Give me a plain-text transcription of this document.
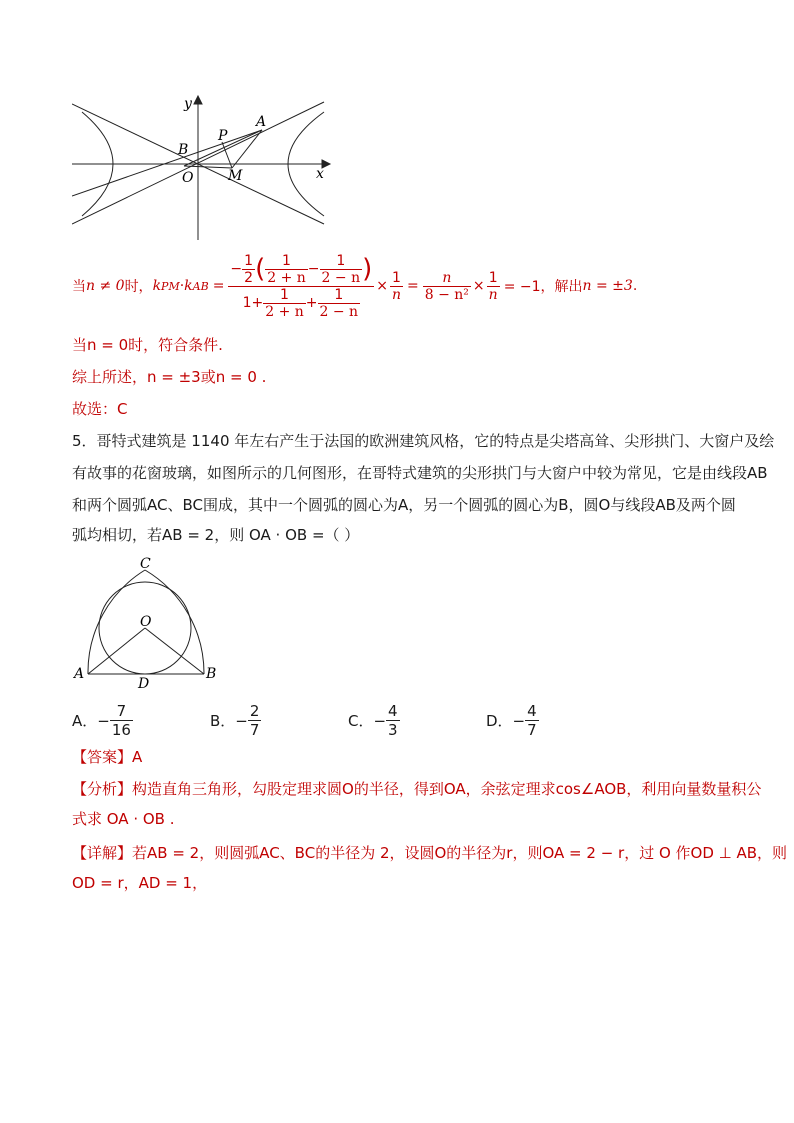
y
x
A
P
B
O M
当 n ≠ 0 时， k PM · k AB = $\frac{- \frac{1}{2} ( \frac{1}{2 + n} - \frac{1}{2 - n} )}{1+ \frac{1}{2 + n} + \frac{1}{2 - n}} \times \frac{1}{n} = \frac{n}{\text{8 − n²}} \times \frac{1}{n} = -1$，解出 n = ±3 .
当n = 0时，符合条件.
综上所述，n = ±3或n = 0 .
故选：C
5．哥特式建筑是 1140 年左右产生于法国的欧洲建筑风格，它的特点是尖塔高耸、尖形拱门、大窗户及绘
有故事的花窗玻璃，如图所示的几何图形，在哥特式建筑的尖形拱门与大窗户中较为常见，它是由线段AB
和两个圆弧AC、BC围成，其中一个圆弧的圆心为A，另一个圆弧的圆心为B，圆O与线段AB及两个圆
弧均相切，若AB = 2，则 OA · OB =（ ）
C
O
A
D
B
A．− $\frac{7}{16}$	B．− $\frac{2}{7}$	C．− $\frac{4}{3}$	D．− $\frac{4}{7}$
【答案】A
【分析】构造直角三角形，勾股定理求圆O的半径，得到OA，余弦定理求cos∠AOB，利用向量数量积公
式求 OA · OB .
【详解】若AB = 2，则圆弧AC、BC的半径为 2，设圆O的半径为r，则OA = 2 − r，过 O 作OD ⊥ AB，则
OD = r，AD = 1，
